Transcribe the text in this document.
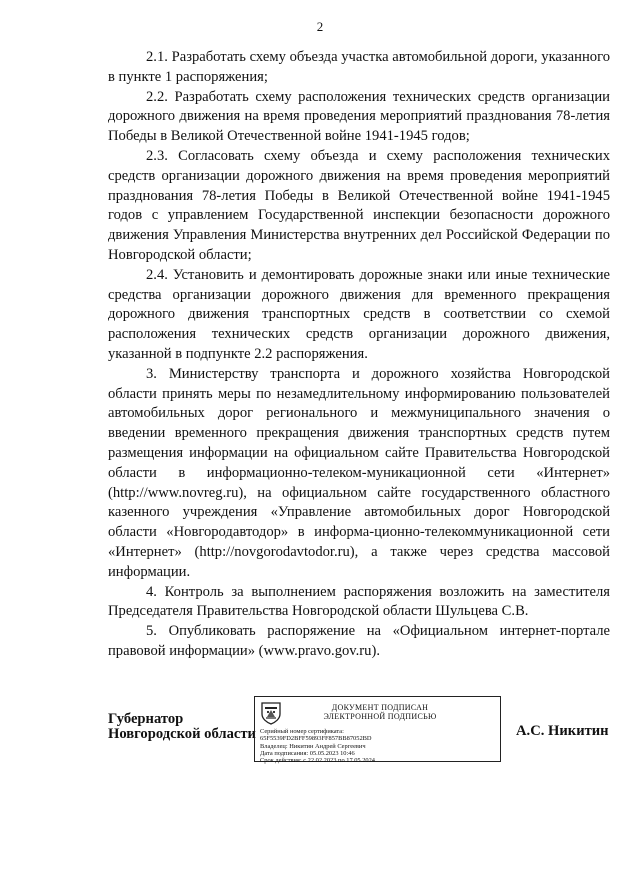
2

2.1. Разработать схему объезда участка автомобильной дороги, указанного в пункте 1 распоряжения;

2.2. Разработать схему расположения технических средств организации дорожного движения на время проведения мероприятий празднования 78-летия Победы в Великой Отечественной войне 1941-1945 годов;

2.3. Согласовать схему объезда и схему расположения технических средств организации дорожного движения на время проведения мероприятий празднования 78-летия Победы в Великой Отечественной войне 1941-1945 годов с управлением Государственной инспекции безопасности дорожного движения Управления Министерства внутренних дел Российской Федерации по Новгородской области;

2.4. Установить и демонтировать дорожные знаки или иные технические средства организации дорожного движения для временного прекращения дорожного движения транспортных средств в соответствии со схемой расположения технических средств организации дорожного движения, указанной в подпункте 2.2 распоряжения.

3. Министерству транспорта и дорожного хозяйства Новгородской области принять меры по незамедлительному информированию пользователей автомобильных дорог регионального и межмуниципального значения о введении временного прекращения движения транспортных средств путем размещения информации на официальном сайте Правительства Новгородской области в информационно-телеком-муникационной сети «Интернет» (http://www.novreg.ru), на официальном сайте государственного областного казенного учреждения «Управление автомобильных дорог Новгородской области «Новгородавтодор» в информа-ционно-телекоммуникационной сети «Интернет» (http://novgorodavtodor.ru), а также через средства массовой информации.

4. Контроль за выполнением распоряжения возложить на заместителя Председателя Правительства Новгородской области Шульцева С.В.

5. Опубликовать распоряжение на «Официальном интернет-портале правовой информации» (www.pravo.gov.ru).

Губернатор
Новгородской области
ДОКУМЕНТ ПОДПИСАН
ЭЛЕКТРОННОЙ ПОДПИСЬЮ
Серийный номер сертификата:
65F5539FD2BFF59893FF857BB87052BD
Владелец: Никитин Андрей Сергеевич
Дата подписания: 05.05.2023 10:46
Срок действия: с 22.02.2023 по 17.05.2024
А.С. Никитин
